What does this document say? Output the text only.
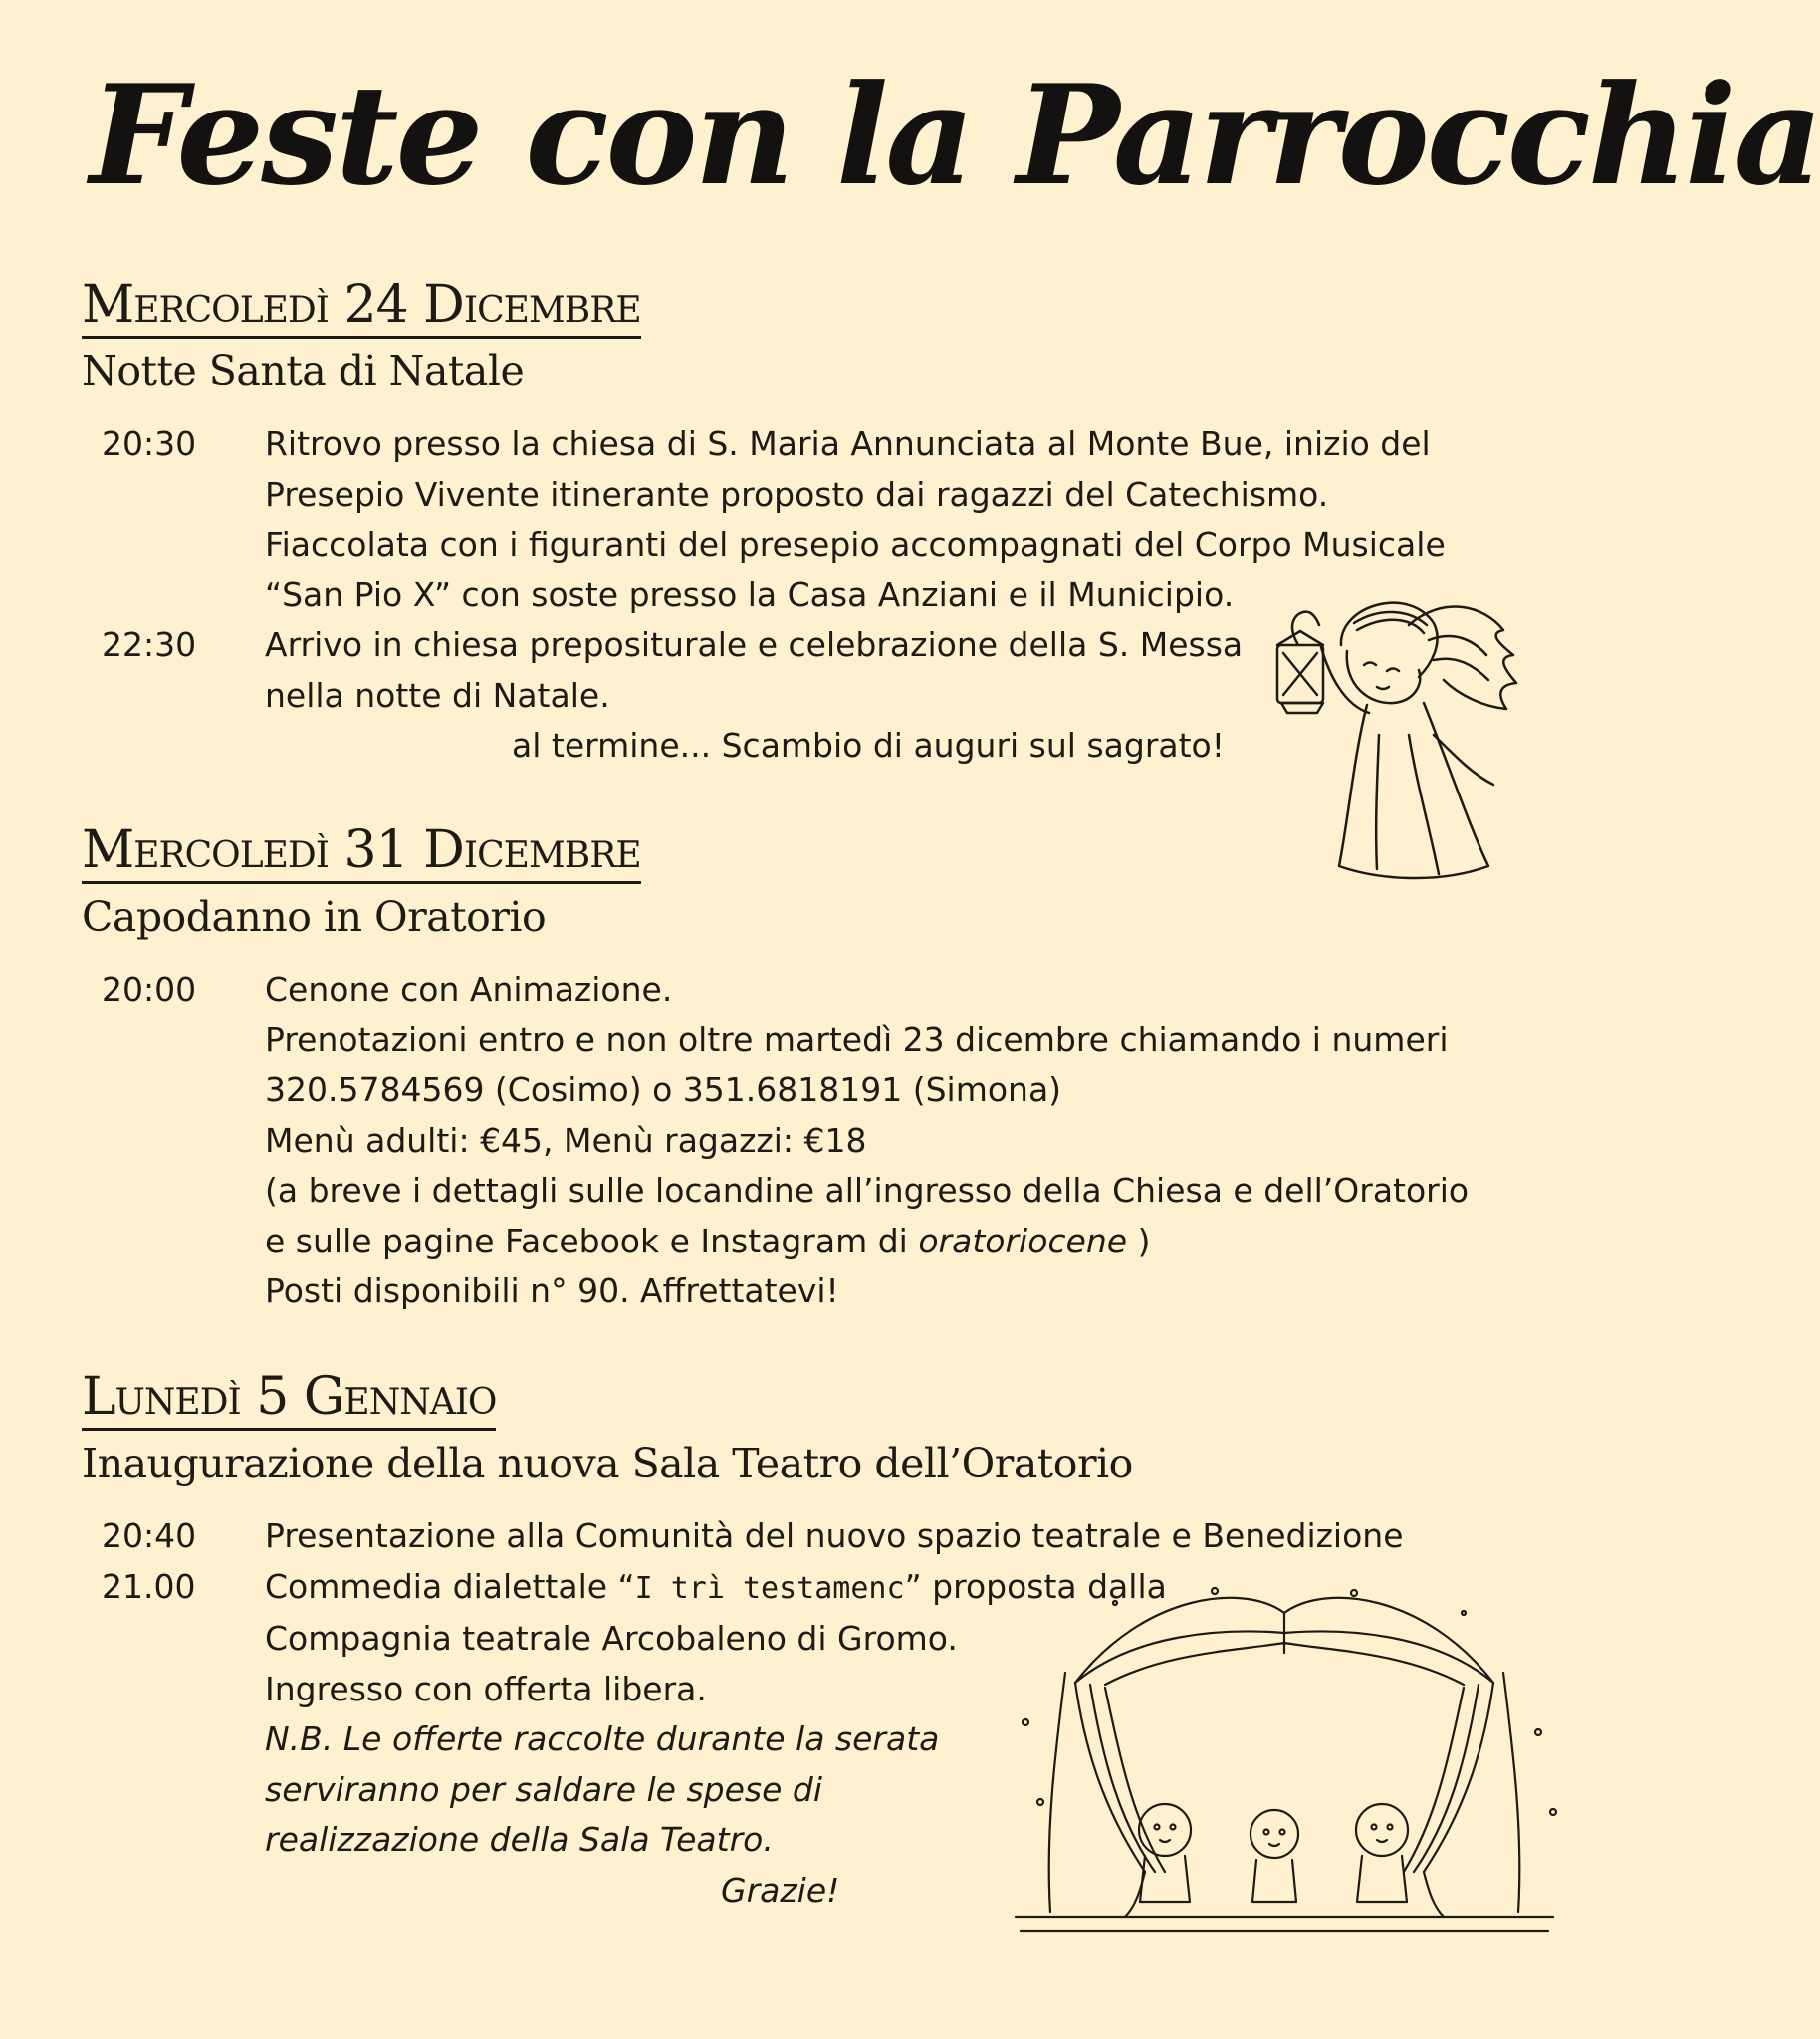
Feste con la Parrocchia
Mercoledì 24 Dicembre
Notte Santa di Natale
20:30	Ritrovo presso la chiesa di S. Maria Annunciata al Monte Bue, inizio del
Presepio Vivente itinerante proposto dai ragazzi del Catechismo.
Fiaccolata con i figuranti del presepio accompagnati del Corpo Musicale
“San Pio X” con soste presso la Casa Anziani e il Municipio.
22:30	Arrivo in chiesa prepositurale e celebrazione della S. Messa
nella notte di Natale.
al termine... Scambio di auguri sul sagrato!
Mercoledì 31 Dicembre
Capodanno in Oratorio
20:00	Cenone con Animazione.
Prenotazioni entro e non oltre martedì 23 dicembre chiamando i numeri
320.5784569 (Cosimo) o 351.6818191 (Simona)
Menù adulti: €45, Menù ragazzi: €18
(a breve i dettagli sulle locandine all’ingresso della Chiesa e dell’Oratorio
e sulle pagine Facebook e Instagram di oratoriocene )
Posti disponibili n° 90. Affrettatevi!
Lunedì 5 Gennaio
Inaugurazione della nuova Sala Teatro dell’Oratorio
20:40	Presentazione alla Comunità del nuovo spazio teatrale e Benedizione
21.00	Commedia dialettale “I trì testamenc” proposta dalla
Compagnia teatrale Arcobaleno di Gromo.
Ingresso con offerta libera.
N.B. Le offerte raccolte durante la serata
serviranno per saldare le spese di
realizzazione della Sala Teatro.
Grazie!
